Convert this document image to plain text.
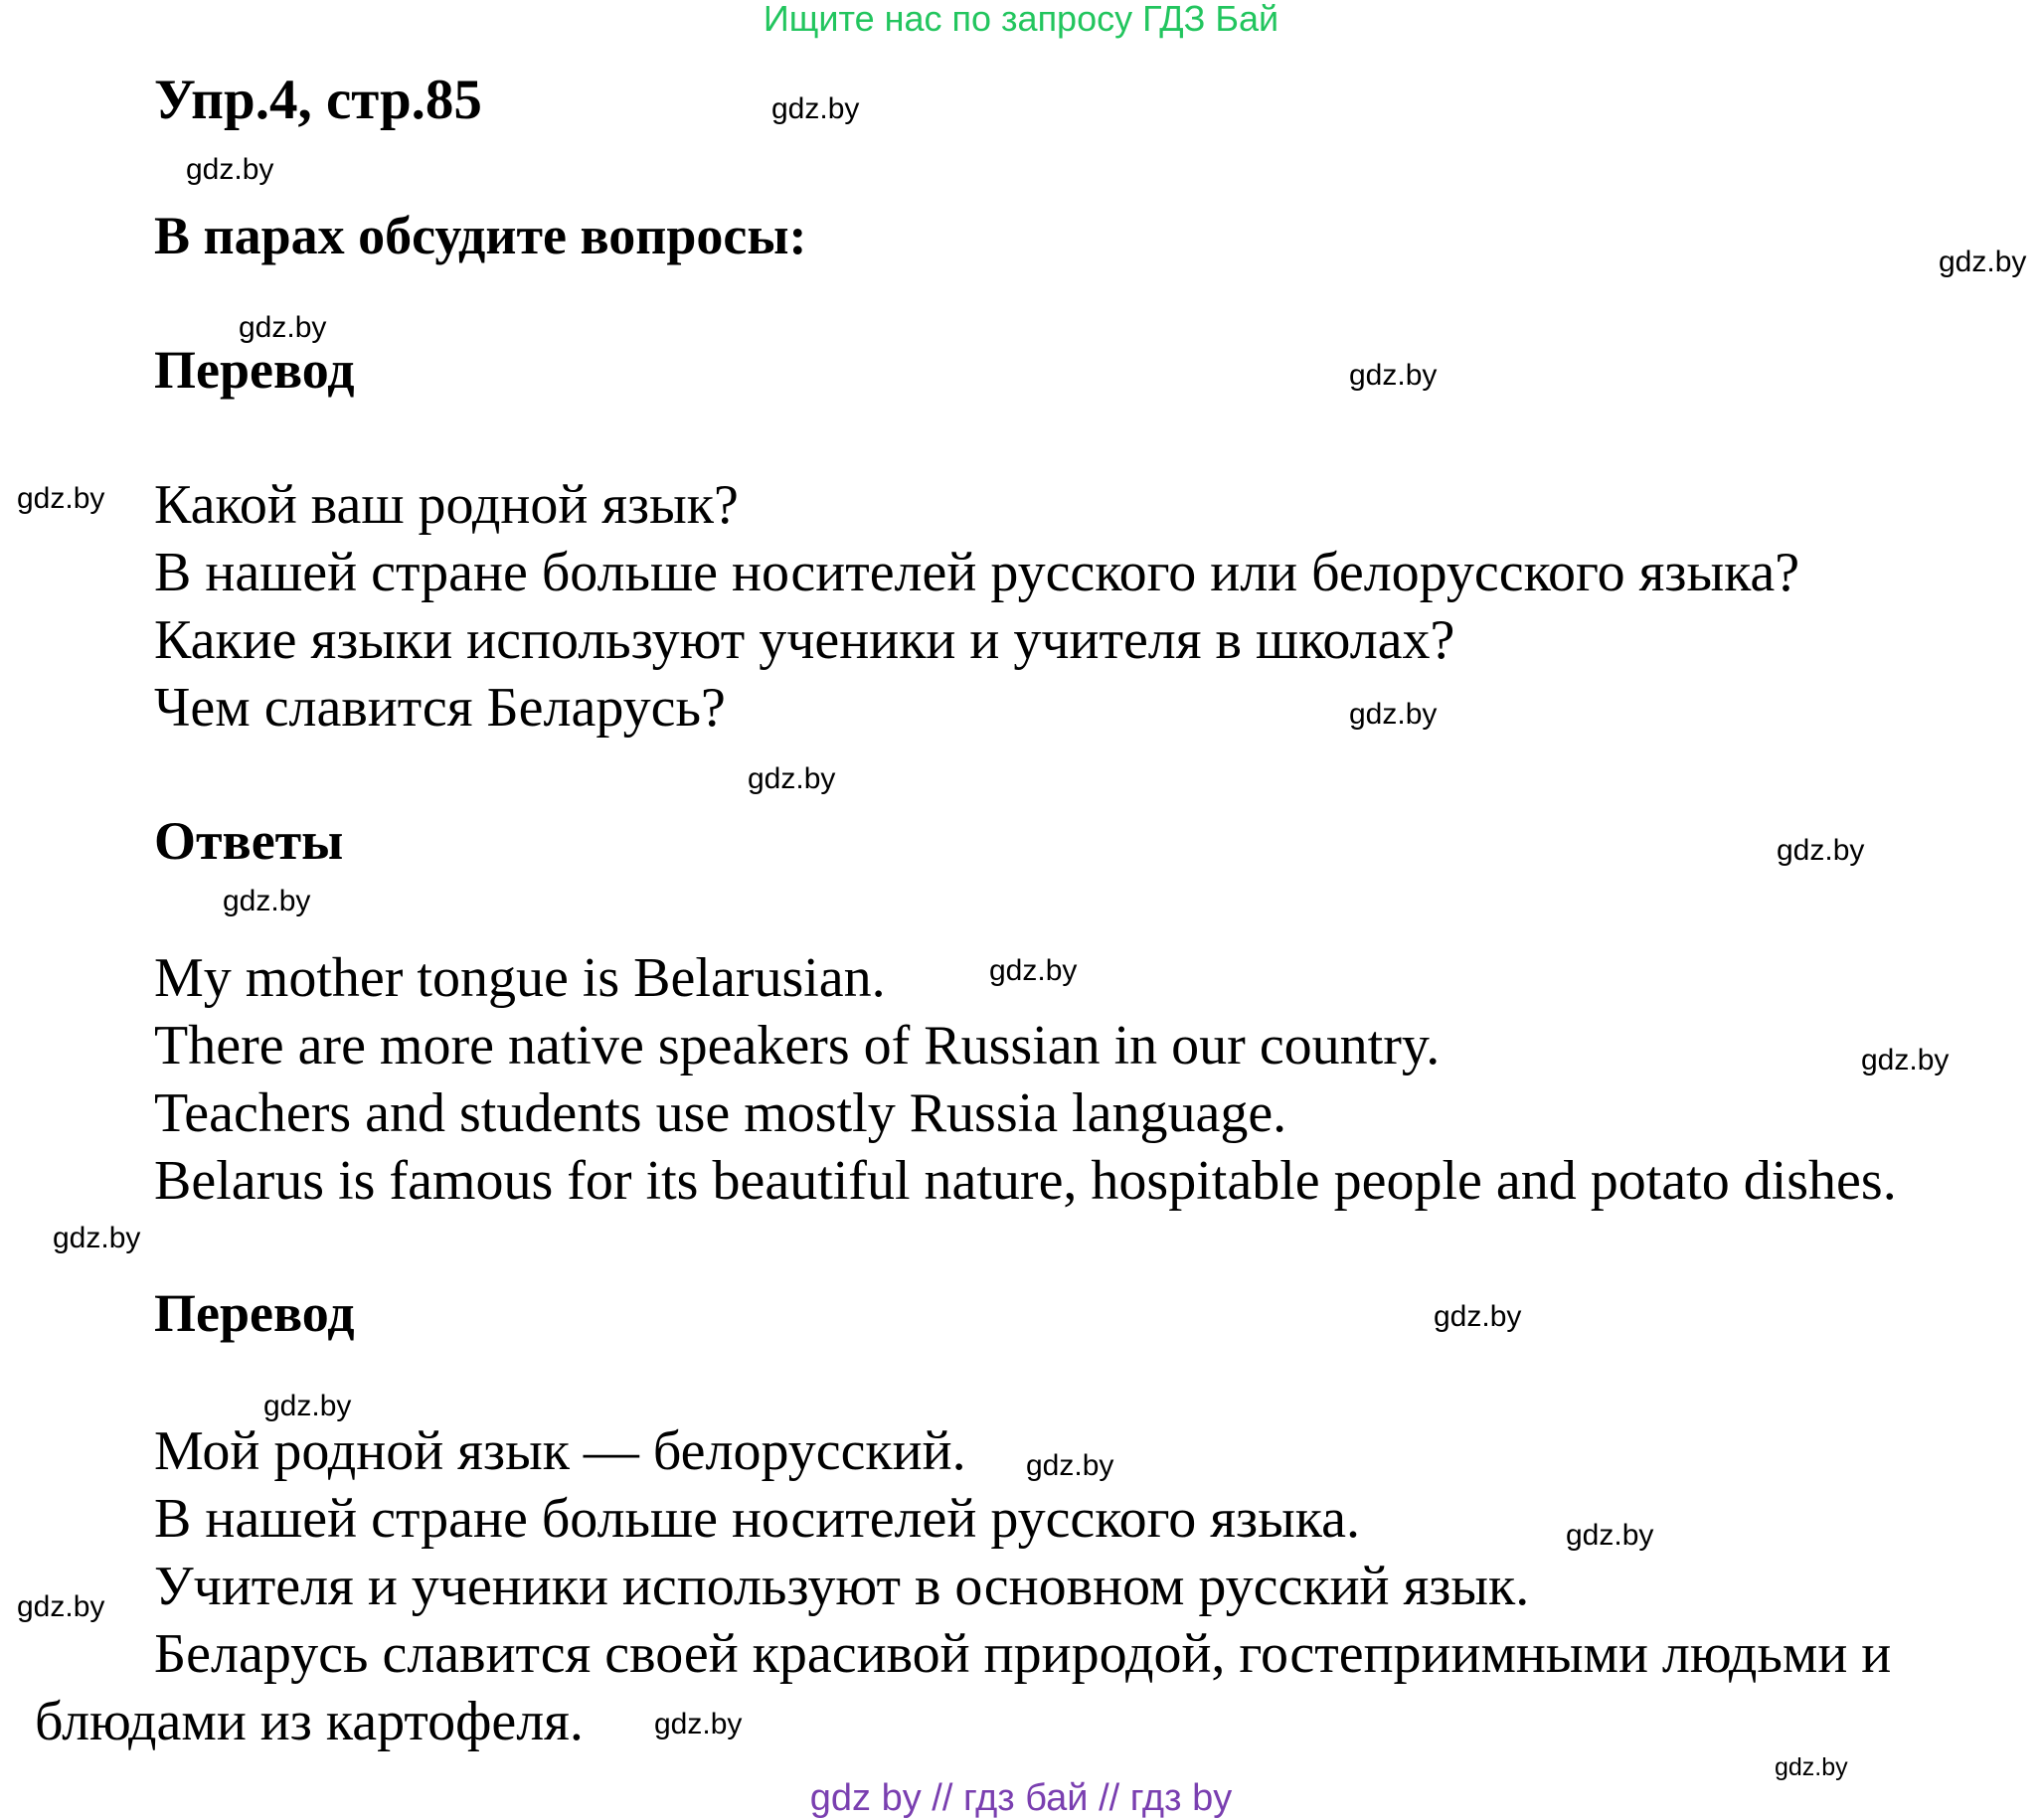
Ищите нас по запросу ГДЗ Бай
Упр.4, стр.85
В парах обсудите вопросы:
Перевод
Какой ваш родной язык?
В нашей стране больше носителей русского или белорусского языка?
Какие языки используют ученики и учителя в школах?
Чем славится Беларусь?
Ответы
My mother tongue is Belarusian.
There are more native speakers of Russian in our country.
Teachers and students use mostly Russia language.
Belarus is famous for its beautiful nature, hospitable people and potato dishes.
Перевод
Мой родной язык — белорусский.
В нашей стране больше носителей русского языка.
Учителя и ученики используют в основном русский язык.
Беларусь славится своей красивой природой, гостеприимными людьми и
блюдами из картофеля.
gdz.by
gdz.by
gdz.by
gdz.by
gdz.by
gdz.by
gdz.by
gdz.by
gdz.by
gdz.by
gdz.by
gdz.by
gdz.by
gdz.by
gdz.by
gdz.by
gdz.by
gdz.by
gdz.by
gdz.by
gdz by // гдз бай // гдз by
